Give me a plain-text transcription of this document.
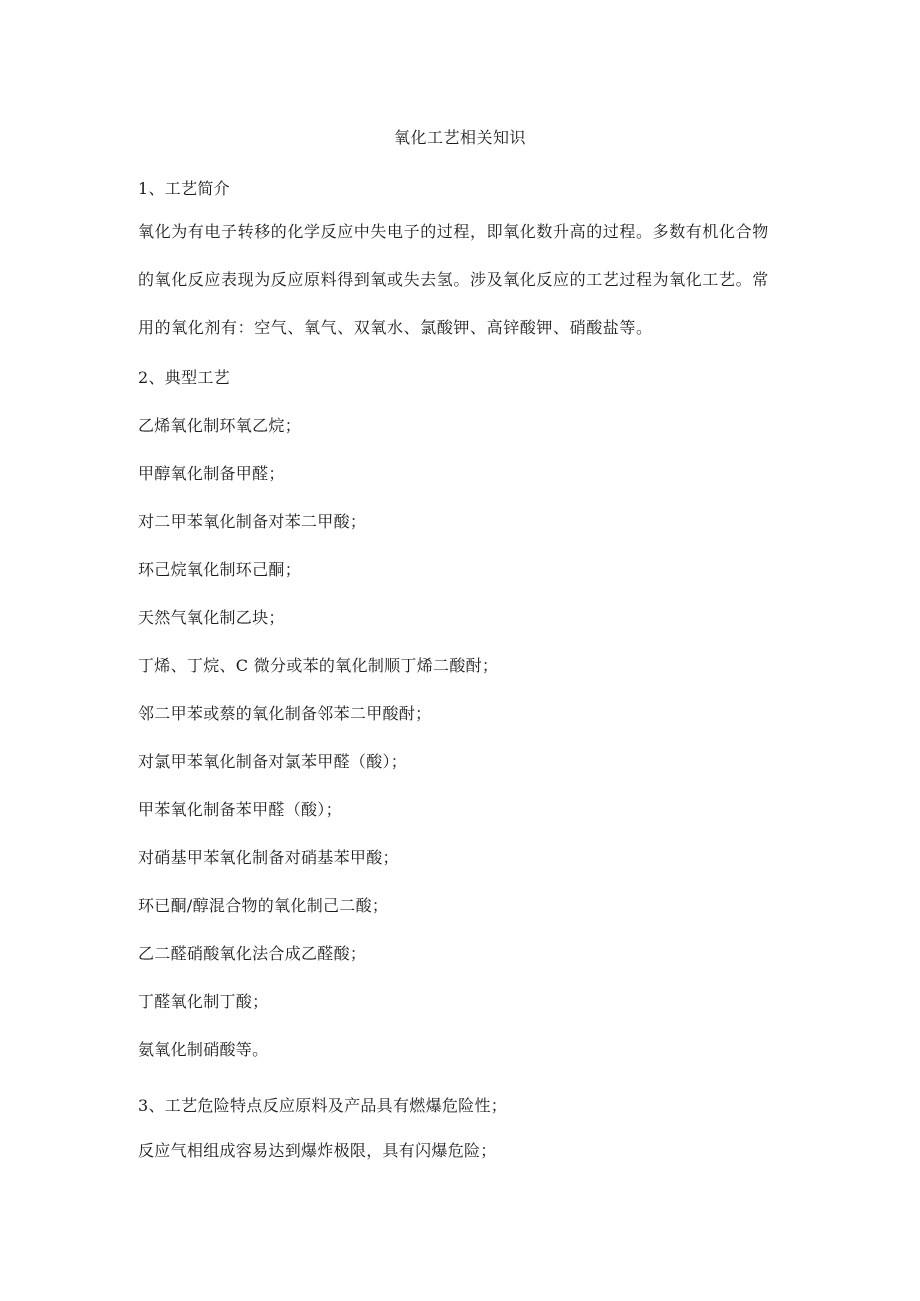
氧化工艺相关知识
1、工艺简介
氧化为有电子转移的化学反应中失电子的过程，即氧化数升高的过程。多数有机化合物
的氧化反应表现为反应原料得到氧或失去氢。涉及氧化反应的工艺过程为氧化工艺。常
用的氧化剂有：空气、氧气、双氧水、氯酸钾、高锌酸钾、硝酸盐等。
2、典型工艺
乙烯氧化制环氧乙烷；
甲醇氧化制备甲醛；
对二甲苯氧化制备对苯二甲酸；
环己烷氧化制环己酮；
天然气氧化制乙块；
丁烯、丁烷、C 微分或苯的氧化制顺丁烯二酸酎；
邻二甲苯或蔡的氧化制备邻苯二甲酸酎；
对氯甲苯氧化制备对氯苯甲醛（酸）；
甲苯氧化制备苯甲醛（酸）；
对硝基甲苯氧化制备对硝基苯甲酸；
环已酮/醇混合物的氧化制己二酸；
乙二醛硝酸氧化法合成乙醛酸；
丁醛氧化制丁酸；
氨氧化制硝酸等。
3、工艺危险特点反应原料及产品具有燃爆危险性；
反应气相组成容易达到爆炸极限，具有闪爆危险；
